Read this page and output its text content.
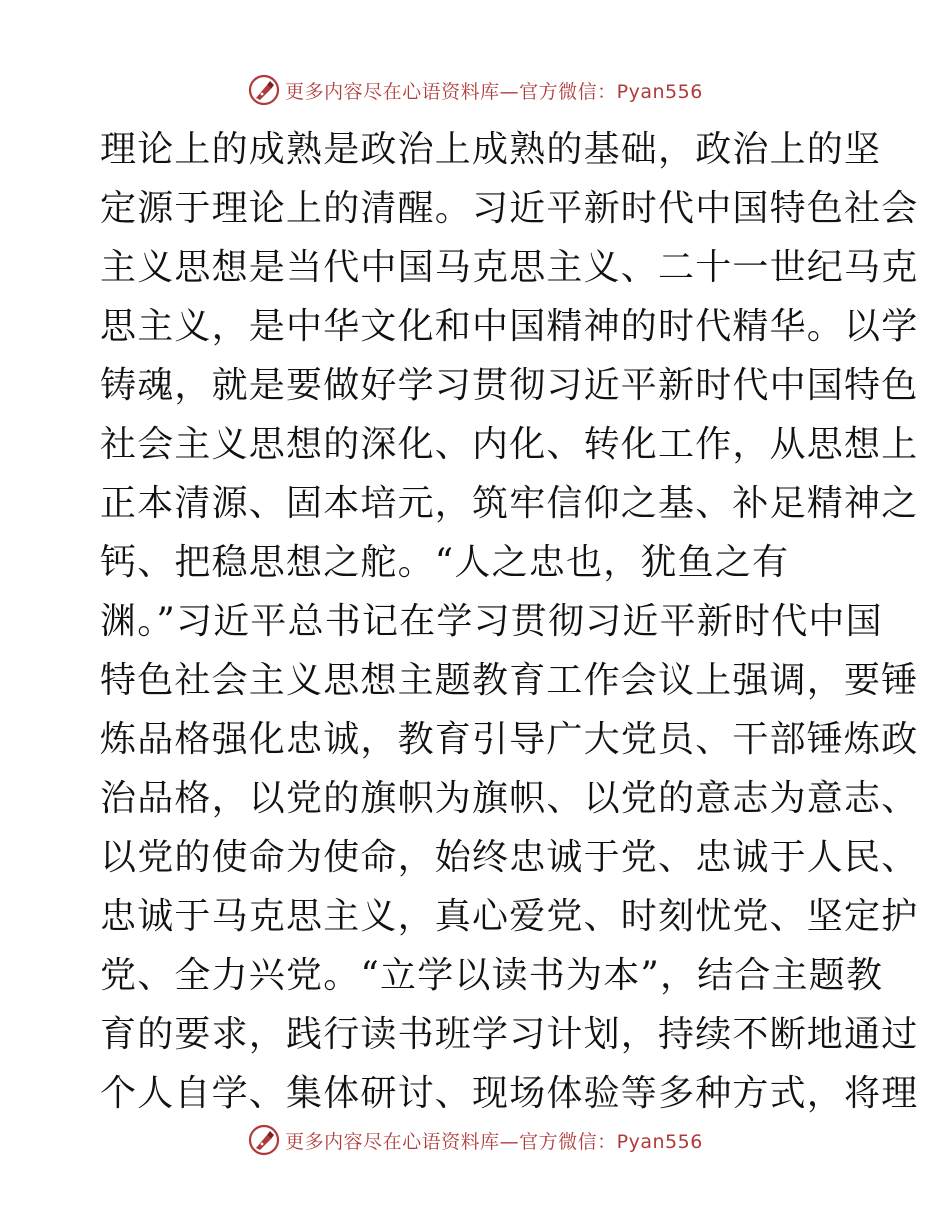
更多内容尽在心语资料库—官方微信：Pyan556
理论上的成熟是政治上成熟的基础，政治上的坚
定源于理论上的清醒。习近平新时代中国特色社会
主义思想是当代中国马克思主义、二十一世纪马克
思主义，是中华文化和中国精神的时代精华。以学
铸魂，就是要做好学习贯彻习近平新时代中国特色
社会主义思想的深化、内化、转化工作，从思想上
正本清源、固本培元，筑牢信仰之基、补足精神之
钙、把稳思想之舵。“人之忠也，犹鱼之有
渊。”习近平总书记在学习贯彻习近平新时代中国
特色社会主义思想主题教育工作会议上强调，要锤
炼品格强化忠诚，教育引导广大党员、干部锤炼政
治品格，以党的旗帜为旗帜、以党的意志为意志、
以党的使命为使命，始终忠诚于党、忠诚于人民、
忠诚于马克思主义，真心爱党、时刻忧党、坚定护
党、全力兴党。“立学以读书为本”，结合主题教
育的要求，践行读书班学习计划，持续不断地通过
个人自学、集体研讨、现场体验等多种方式，将理
更多内容尽在心语资料库—官方微信：Pyan556
